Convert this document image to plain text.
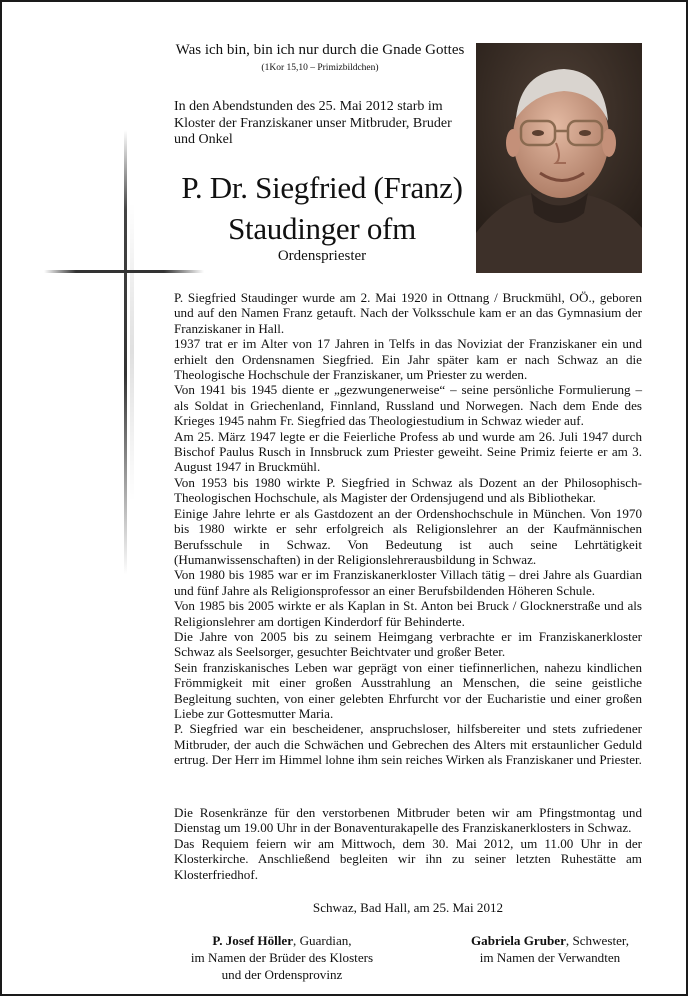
Was ich bin, bin ich nur durch die Gnade Gottes
(1Kor 15,10 – Primizbildchen)
In den Abendstunden des 25. Mai 2012 starb im Kloster der Franziskaner unser Mitbruder, Bruder und Onkel
P. Dr. Siegfried (Franz)
Staudinger ofm
Ordenspriester

P. Siegfried Staudinger wurde am 2. Mai 1920 in Ottnang / Bruckmühl, OÖ., geboren und auf den Namen Franz getauft. Nach der Volksschule kam er an das Gymnasium der Franziskaner in Hall.

1937 trat er im Alter von 17 Jahren in Telfs in das Noviziat der Franziskaner ein und erhielt den Ordensnamen Siegfried. Ein Jahr später kam er nach Schwaz an die Theologische Hochschule der Franziskaner, um Priester zu werden.

Von 1941 bis 1945 diente er „gezwungenerweise“ – seine persönliche Formulierung – als Soldat in Griechenland, Finnland, Russland und Norwegen. Nach dem Ende des Krieges 1945 nahm Fr. Siegfried das Theologiestudium in Schwaz wieder auf.

Am 25. März 1947 legte er die Feierliche Profess ab und wurde am 26. Juli 1947 durch Bischof Paulus Rusch in Innsbruck zum Priester geweiht. Seine Primiz feierte er am 3. August 1947 in Bruckmühl.

Von 1953 bis 1980 wirkte P. Siegfried in Schwaz als Dozent an der Philosophisch-Theologischen Hochschule, als Magister der Ordensjugend und als Bibliothekar.

Einige Jahre lehrte er als Gastdozent an der Ordenshochschule in München. Von 1970 bis 1980 wirkte er sehr erfolgreich als Religionslehrer an der Kaufmännischen Berufsschule in Schwaz. Von Bedeutung ist auch seine Lehrtätigkeit (Humanwissenschaften) in der Religionslehrerausbildung in Schwaz.

Von 1980 bis 1985 war er im Franziskanerkloster Villach tätig – drei Jahre als Guardian und fünf Jahre als Religionsprofessor an einer Berufsbildenden Höheren Schule.

Von 1985 bis 2005 wirkte er als Kaplan in St. Anton bei Bruck / Glocknerstraße und als Religionslehrer am dortigen Kinderdorf für Behinderte.

Die Jahre von 2005 bis zu seinem Heimgang verbrachte er im Franziskanerkloster Schwaz als Seelsorger, gesuchter Beichtvater und großer Beter.

Sein franziskanisches Leben war geprägt von einer tiefinnerlichen, nahezu kindlichen Frömmigkeit mit einer großen Ausstrahlung an Menschen, die seine geistliche Begleitung suchten, von einer gelebten Ehrfurcht vor der Eucharistie und einer großen Liebe zur Gottesmutter Maria.

P. Siegfried war ein bescheidener, anspruchsloser, hilfsbereiter und stets zufriedener Mitbruder, der auch die Schwächen und Gebrechen des Alters mit erstaunlicher Geduld ertrug. Der Herr im Himmel lohne ihm sein reiches Wirken als Franziskaner und Priester.

Die Rosenkränze für den verstorbenen Mitbruder beten wir am Pfingstmontag und Dienstag um 19.00 Uhr in der Bonaventurakapelle des Franziskanerklosters in Schwaz.

Das Requiem feiern wir am Mittwoch, dem 30. Mai 2012, um 11.00 Uhr in der Klosterkirche. Anschließend begleiten wir ihn zu seiner letzten Ruhestätte am Klosterfriedhof.

Schwaz, Bad Hall, am 25. Mai 2012
P. Josef Höller, Guardian,
im Namen der Brüder des Klosters
und der Ordensprovinz
Gabriela Gruber, Schwester,
im Namen der Verwandten
